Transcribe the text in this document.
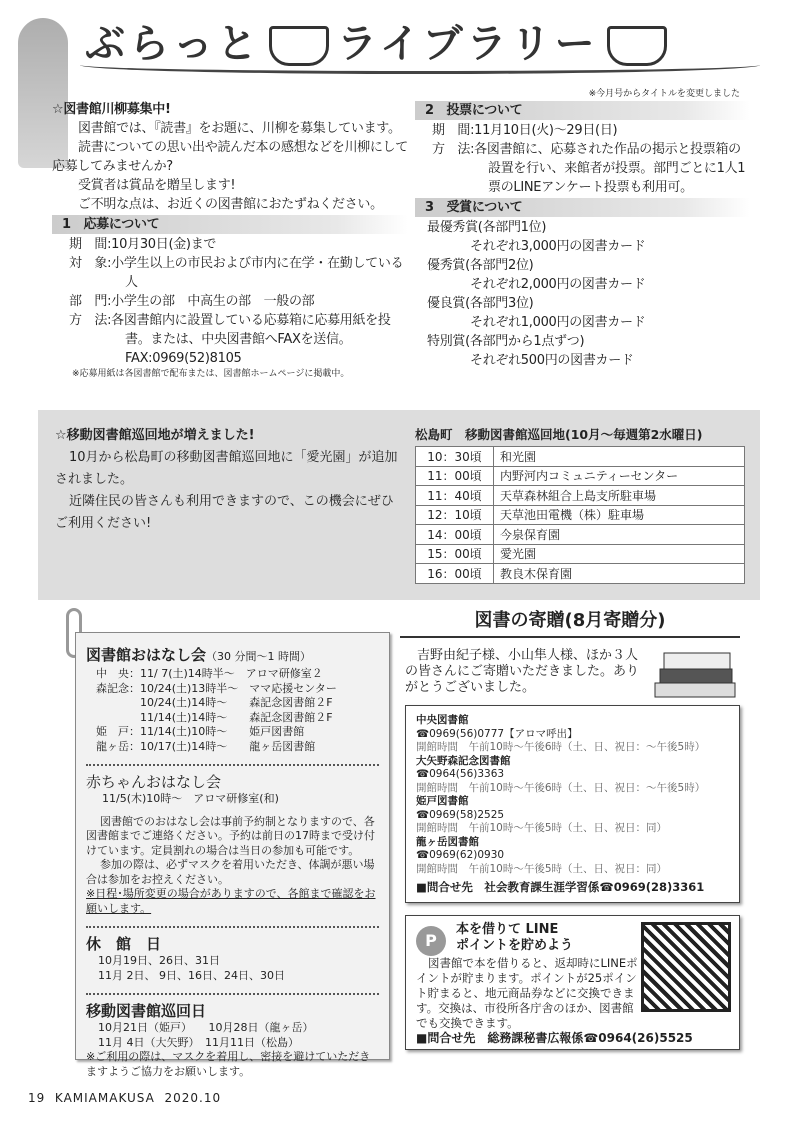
ぶらっと ライブラリー
※今月号からタイトルを変更しました
☆図書館川柳募集中!
図書館では、『読書』をお題に、川柳を募集しています。
読書についての思い出や読んだ本の感想などを川柳にして応募してみませんか?
受賞者は賞品を贈呈します!
ご不明な点は、お近くの図書館におたずねください。
1　応募について
期　間:10月30日(金)まで
対　象:小学生以上の市民および市内に在学・在勤している人
部　門:小学生の部　中高生の部　一般の部
方　法:各図書館内に設置している応募箱に応募用紙を投書。または、中央図書館へFAXを送信。FAX:0969(52)8105
※応募用紙は各図書館で配布または、図書館ホームページに掲載中。
2　投票について
期　間:11月10日(火)～29日(日)
方　法:各図書館に、応募された作品の掲示と投票箱の設置を行い、来館者が投票。部門ごとに1人1票のLINEアンケート投票も利用可。
3　受賞について
最優秀賞(各部門1位)
それぞれ3,000円の図書カード
優秀賞(各部門2位)
それぞれ2,000円の図書カード
優良賞(各部門3位)
それぞれ1,000円の図書カード
特別賞(各部門から1点ずつ)
それぞれ500円の図書カード
☆移動図書館巡回地が増えました!
10月から松島町の移動図書館巡回地に「愛光園」が追加されました。
近隣住民の皆さんも利用できますので、この機会にぜひご利用ください!
松島町　移動図書館巡回地(10月～毎週第2水曜日)
10：30頃	和光園
11：00頃	内野河内コミュニティーセンター
11：40頃	天草森林組合上島支所駐車場
12：10頃	天草池田電機（株）駐車場
14：00頃	今泉保育園
15：00頃	愛光園
16：00頃	教良木保育園
図書館おはなし会（30 分間～1 時間）
中　央：11/ 7(土)14時半～　アロマ研修室２
森記念：10/24(土)13時半～　ママ応援センター
　　　　10/24(土)14時～　　森記念図書館２F
　　　　11/14(土)14時～　　森記念図書館２F
姫　戸：11/14(土)10時～　　姫戸図書館
龍ヶ岳：10/17(土)14時～　　龍ヶ岳図書館
赤ちゃんおはなし会
11/5(木)10時～　アロマ研修室(和)
図書館でのおはなし会は事前予約制となりますので、各図書館までご連絡ください。予約は前日の17時まで受け付けています。定員割れの場合は当日の参加も可能です。
参加の際は、必ずマスクを着用いただき、体調が悪い場合は参加をお控えください。
※日程･場所変更の場合がありますので、各館まで確認をお願いします。
休　館　日
10月19日、26日、31日
11月 2日、 9日、16日、24日、30日
移動図書館巡回日
10月21日（姫戸）　　10月28日（龍ヶ岳）
11月 4日（大矢野）　11月11日（松島）
※ご利用の際は、マスクを着用し、密接を避けていただきますようご協力をお願いします。
図書の寄贈(8月寄贈分)
吉野由紀子様、小山隼人様、ほか３人の皆さんにご寄贈いただきました。ありがとうございました。
中央図書館
☎0969(56)0777【アロマ呼出】
開館時間　午前10時～午後6時（土、日、祝日：～午後5時）
大矢野森記念図書館
☎0964(56)3363
開館時間　午前10時～午後6時（土、日、祝日：～午後5時）
姫戸図書館
☎0969(58)2525
開館時間　午前10時～午後5時（土、日、祝日：同）
龍ヶ岳図書館
☎0969(62)0930
開館時間　午前10時～午後5時（土、日、祝日：同）
■問合せ先　社会教育課生涯学習係☎0969(28)3361
P
本を借りて LINE
ポイントを貯めよう
図書館で本を借りると、返却時にLINEポイントが貯まります。ポイントが25ポイント貯まると、地元商品券などに交換できます。交換は、市役所各庁舎のほか、図書館でも交換できます。
■問合せ先　総務課秘書広報係☎0964(26)5525
19 KAMIAMAKUSA 2020.10
